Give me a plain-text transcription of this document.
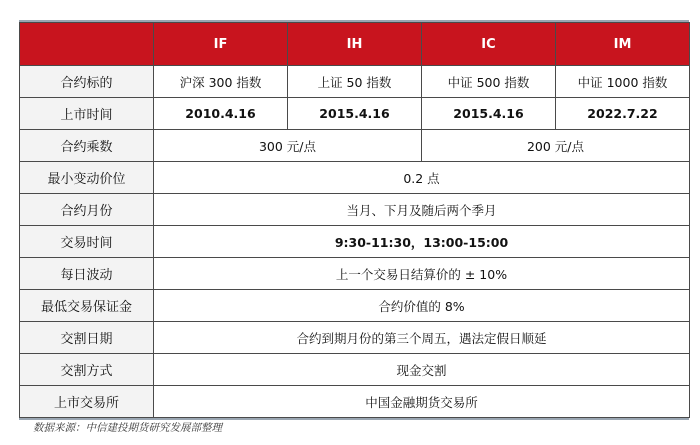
	IF	IH	IC	IM
合约标的	沪深 300 指数	上证 50 指数	中证 500 指数	中证 1000 指数
上市时间	2010.4.16	2015.4.16	2015.4.16	2022.7.22
合约乘数	300 元/点		200 元/点	
最小变动价位	0.2 点			
合约月份	当月、下月及随后两个季月			
交易时间	9:30-11:30，13:00-15:00			
每日波动	上一个交易日结算价的 ± 10%			
最低交易保证金	合约价值的 8%			
交割日期	合约到期月份的第三个周五，遇法定假日顺延			
交割方式	现金交割			
上市交易所	中国金融期货交易所			
数据来源：中信建投期货研究发展部整理
